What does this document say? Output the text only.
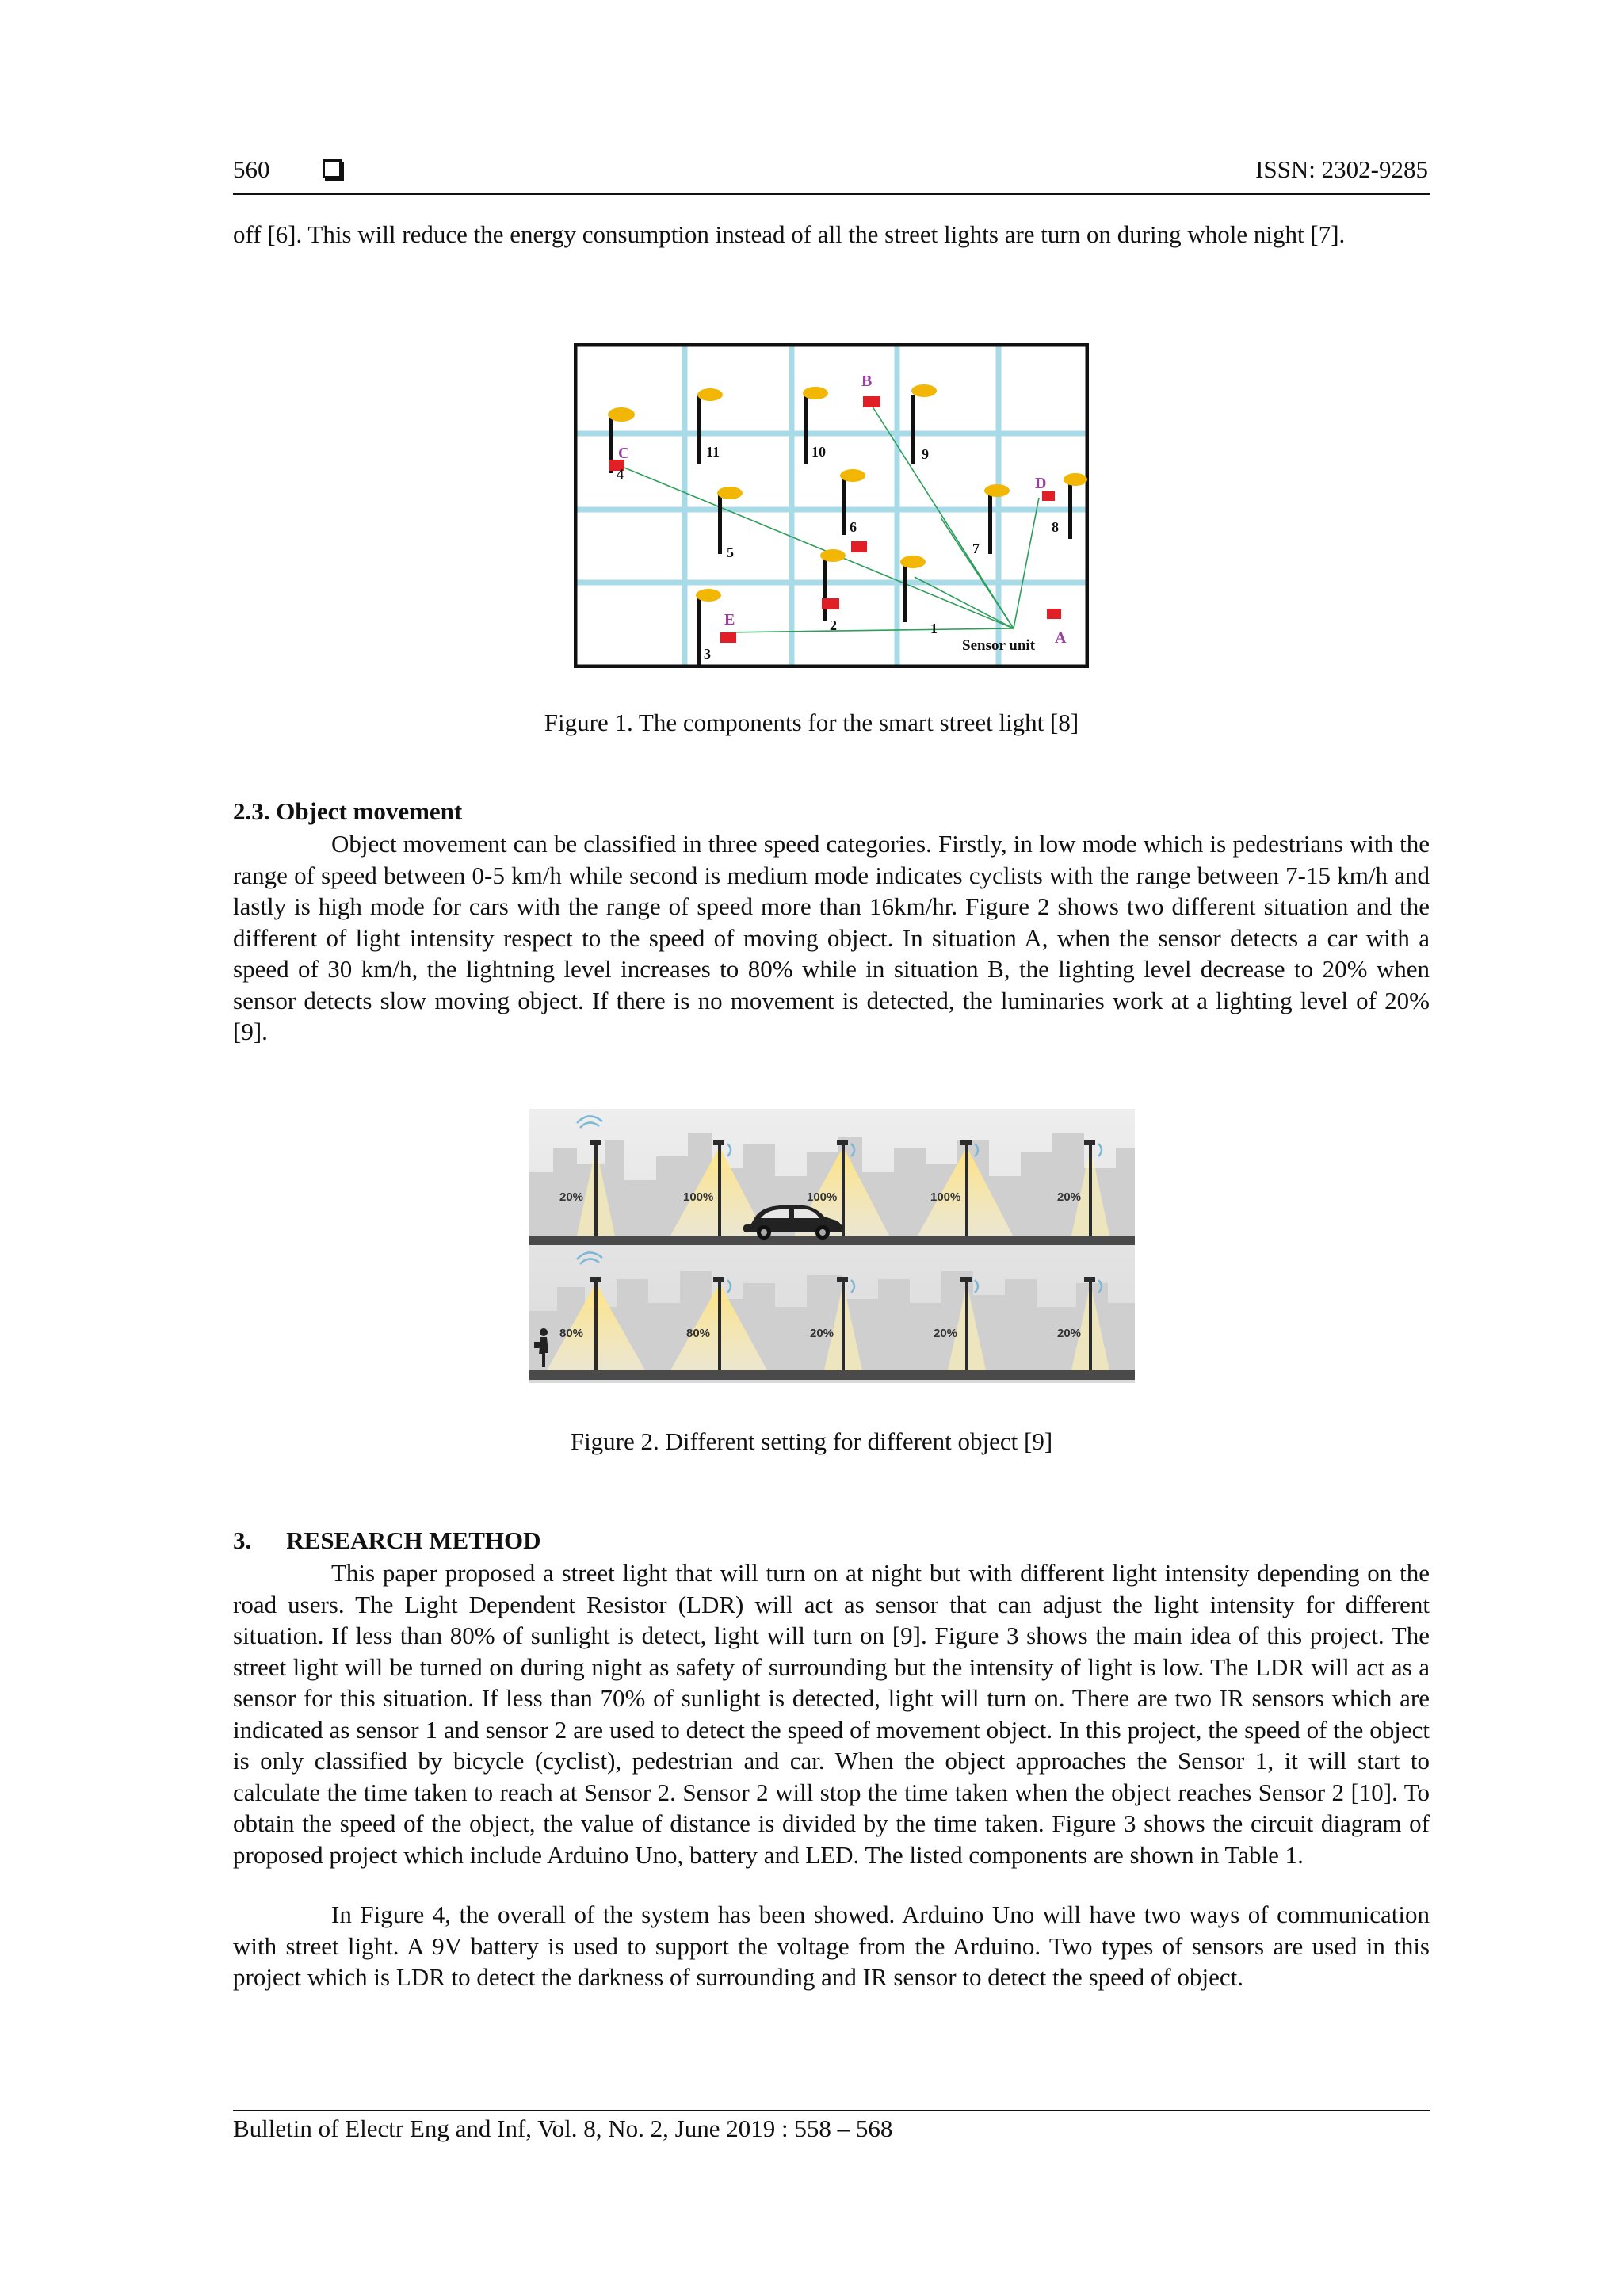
560	ISSN: 2302-9285

off [6]. This will reduce the energy consumption instead of all the street lights are turn on during whole night [7].

1
2
3
4
5
6
7
8
9
10
11
A
B
C
D
E
Sensor unit

Figure 1. The components for the smart street light [8]

2.3. Object movement

Object movement can be classified in three speed categories. Firstly, in low mode which is pedestrians with the range of speed between 0-5 km/h while second is medium mode indicates cyclists with the range between 7-15 km/h and lastly is high mode for cars with the range of speed more than 16km/hr. Figure 2 shows two different situation and the different of light intensity respect to the speed of moving object. In situation A, when the sensor detects a car with a speed of 30 km/h, the lightning level increases to 80% while in situation B, the lighting level decrease to 20% when sensor detects slow moving object. If there is no movement is detected, the luminaries work at a lighting level of 20% [9].

20%	100%	100%	100%	20%
80%	80%	20%	20%	20%

Figure 2. Different setting for different object [9]

3. RESEARCH METHOD

This paper proposed a street light that will turn on at night but with different light intensity depending on the road users. The Light Dependent Resistor (LDR) will act as sensor that can adjust the light intensity for different situation. If less than 80% of sunlight is detect, light will turn on [9]. Figure 3 shows the main idea of this project. The street light will be turned on during night as safety of surrounding but the intensity of light is low. The LDR will act as a sensor for this situation. If less than 70% of sunlight is detected, light will turn on. There are two IR sensors which are indicated as sensor 1 and sensor 2 are used to detect the speed of movement object. In this project, the speed of the object is only classified by bicycle (cyclist), pedestrian and car. When the object approaches the Sensor 1, it will start to calculate the time taken to reach at Sensor 2. Sensor 2 will stop the time taken when the object reaches Sensor 2 [10]. To obtain the speed of the object, the value of distance is divided by the time taken. Figure 3 shows the circuit diagram of proposed project which include Arduino Uno, battery and LED. The listed components are shown in Table 1.

In Figure 4, the overall of the system has been showed. Arduino Uno will have two ways of communication with street light. A 9V battery is used to support the voltage from the Arduino. Two types of sensors are used in this project which is LDR to detect the darkness of surrounding and IR sensor to detect the speed of object.

Bulletin of Electr Eng and Inf, Vol. 8, No. 2, June 2019 : 558 – 568
